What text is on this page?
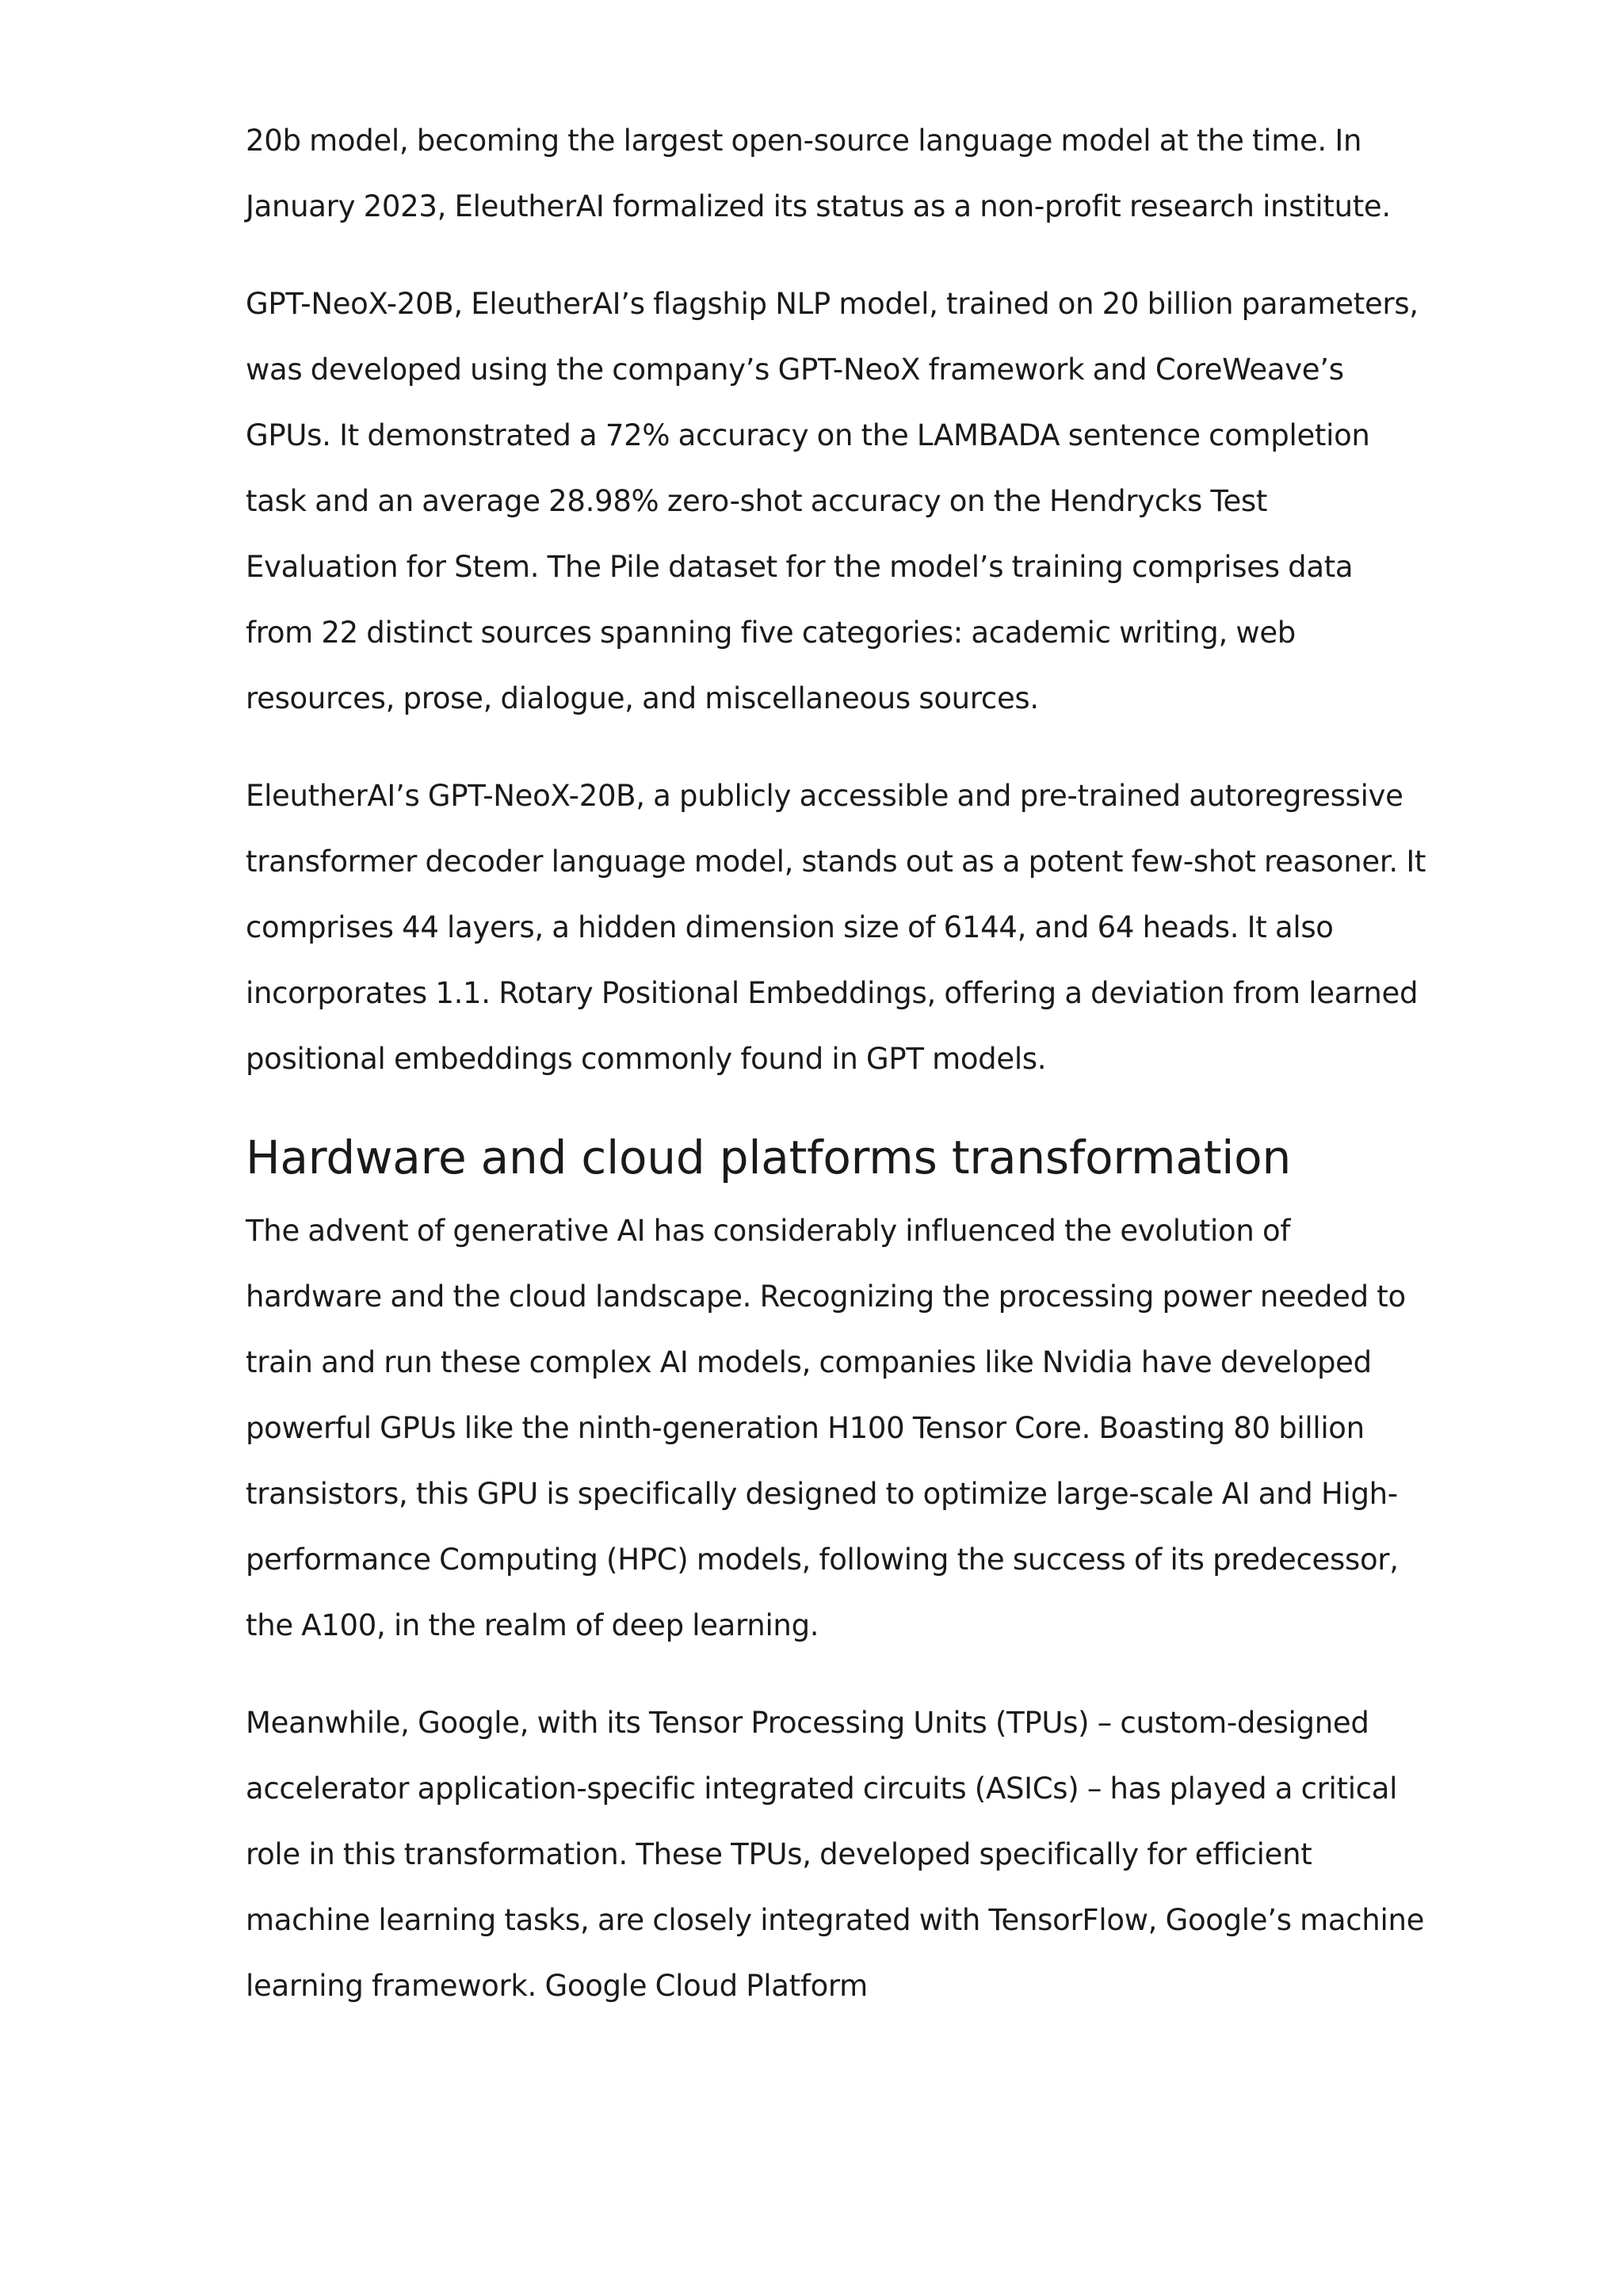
20b model, becoming the largest open-source language model at the time. In January 2023, EleutherAI formalized its status as a non-profit research institute.

GPT-NeoX-20B, EleutherAI’s flagship NLP model, trained on 20 billion parameters, was developed using the company’s GPT-NeoX framework and CoreWeave’s GPUs. It demonstrated a 72% accuracy on the LAMBADA sentence completion task and an average 28.98% zero-shot accuracy on the Hendrycks Test Evaluation for Stem. The Pile dataset for the model’s training comprises data from 22 distinct sources spanning five categories: academic writing, web resources, prose, dialogue, and miscellaneous sources.

EleutherAI’s GPT-NeoX-20B, a publicly accessible and pre-trained autoregressive transformer decoder language model, stands out as a potent few-shot reasoner. It comprises 44 layers, a hidden dimension size of 6144, and 64 heads. It also incorporates 1.1. Rotary Positional Embeddings, offering a deviation from learned positional embeddings commonly found in GPT models.

Hardware and cloud platforms transformation

The advent of generative AI has considerably influenced the evolution of hardware and the cloud landscape. Recognizing the processing power needed to train and run these complex AI models, companies like Nvidia have developed powerful GPUs like the ninth-generation H100 Tensor Core. Boasting 80 billion transistors, this GPU is specifically designed to optimize large-scale AI and High-performance Computing (HPC) models, following the success of its predecessor, the A100, in the realm of deep learning.

Meanwhile, Google, with its Tensor Processing Units (TPUs) – custom-designed accelerator application-specific integrated circuits (ASICs) – has played a critical role in this transformation. These TPUs, developed specifically for efficient machine learning tasks, are closely integrated with TensorFlow, Google’s machine learning framework. Google Cloud Platform
